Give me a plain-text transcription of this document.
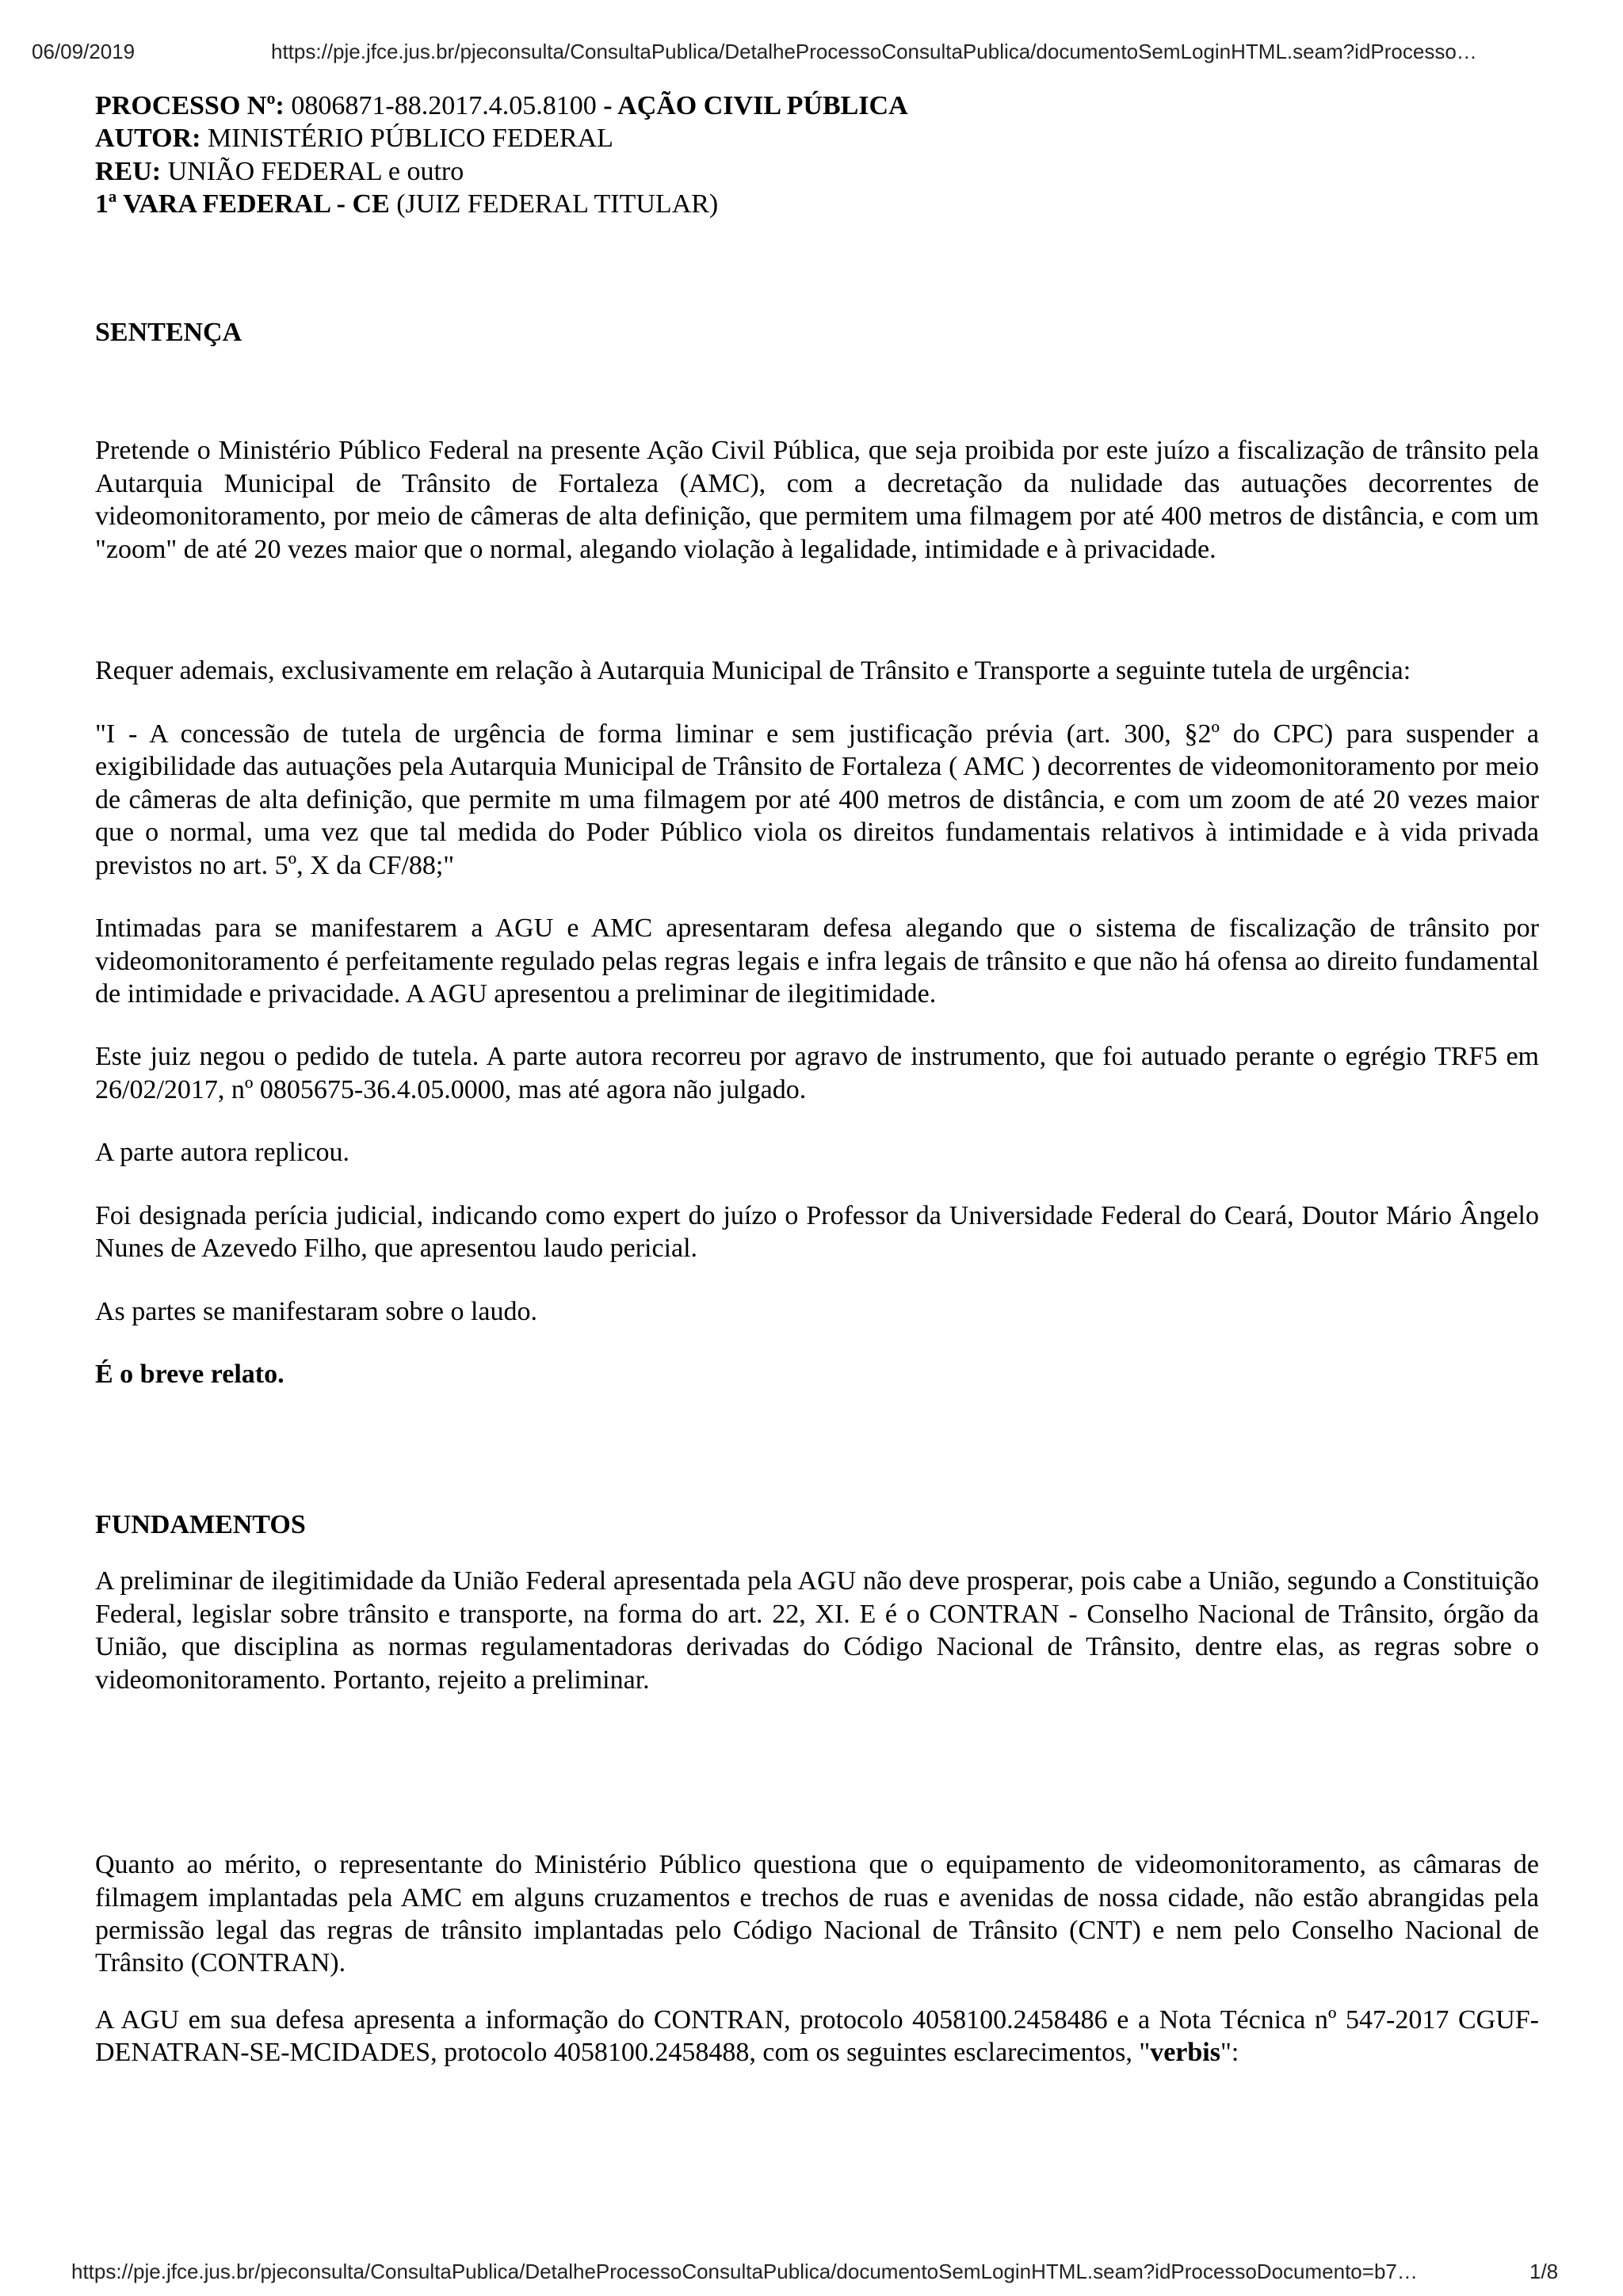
06/09/2019	https://pje.jfce.jus.br/pjeconsulta/ConsultaPublica/DetalheProcessoConsultaPublica/documentoSemLoginHTML.seam?idProcesso…

PROCESSO Nº: 0806871-88.2017.4.05.8100 - AÇÃO CIVIL PÚBLICA

AUTOR: MINISTÉRIO PÚBLICO FEDERAL

REU: UNIÃO FEDERAL e outro

1ª VARA FEDERAL - CE (JUIZ FEDERAL TITULAR)

SENTENÇA

Pretende o Ministério Público Federal na presente Ação Civil Pública, que seja proibida por este juízo a fiscalização de trânsito pela Autarquia Municipal de Trânsito de Fortaleza (AMC), com a decretação da nulidade das autuações decorrentes de videomonitoramento, por meio de câmeras de alta definição, que permitem uma filmagem por até 400 metros de distância, e com um "zoom" de até 20 vezes maior que o normal, alegando violação à legalidade, intimidade e à privacidade.

Requer ademais, exclusivamente em relação à Autarquia Municipal de Trânsito e Transporte a seguinte tutela de urgência:

"I - A concessão de tutela de urgência de forma liminar e sem justificação prévia (art. 300, §2º do CPC) para suspender a exigibilidade das autuações pela Autarquia Municipal de Trânsito de Fortaleza ( AMC ) decorrentes de videomonitoramento por meio de câmeras de alta definição, que permite m uma filmagem por até 400 metros de distância, e com um zoom de até 20 vezes maior que o normal, uma vez que tal medida do Poder Público viola os direitos fundamentais relativos à intimidade e à vida privada previstos no art. 5º, X da CF/88;"

Intimadas para se manifestarem a AGU e AMC apresentaram defesa alegando que o sistema de fiscalização de trânsito por videomonitoramento é perfeitamente regulado pelas regras legais e infra legais de trânsito e que não há ofensa ao direito fundamental de intimidade e privacidade. A AGU apresentou a preliminar de ilegitimidade.

Este juiz negou o pedido de tutela. A parte autora recorreu por agravo de instrumento, que foi autuado perante o egrégio TRF5 em 26/02/2017, nº 0805675-36.4.05.0000, mas até agora não julgado.

A parte autora replicou.

Foi designada perícia judicial, indicando como expert do juízo o Professor da Universidade Federal do Ceará, Doutor Mário Ângelo Nunes de Azevedo Filho, que apresentou laudo pericial.

As partes se manifestaram sobre o laudo.

É o breve relato.

FUNDAMENTOS

A preliminar de ilegitimidade da União Federal apresentada pela AGU não deve prosperar, pois cabe a União, segundo a Constituição Federal, legislar sobre trânsito e transporte, na forma do art. 22, XI. E é o CONTRAN - Conselho Nacional de Trânsito, órgão da União, que disciplina as normas regulamentadoras derivadas do Código Nacional de Trânsito, dentre elas, as regras sobre o videomonitoramento. Portanto, rejeito a preliminar.

Quanto ao mérito, o representante do Ministério Público questiona que o equipamento de videomonitoramento, as câmaras de filmagem implantadas pela AMC em alguns cruzamentos e trechos de ruas e avenidas de nossa cidade, não estão abrangidas pela permissão legal das regras de trânsito implantadas pelo Código Nacional de Trânsito (CNT) e nem pelo Conselho Nacional de Trânsito (CONTRAN).

A AGU em sua defesa apresenta a informação do CONTRAN, protocolo 4058100.2458486 e a Nota Técnica nº 547-2017 CGUF-DENATRAN-SE-MCIDADES, protocolo 4058100.2458488, com os seguintes esclarecimentos, "verbis":

https://pje.jfce.jus.br/pjeconsulta/ConsultaPublica/DetalheProcessoConsultaPublica/documentoSemLoginHTML.seam?idProcessoDocumento=b7…	1/8
